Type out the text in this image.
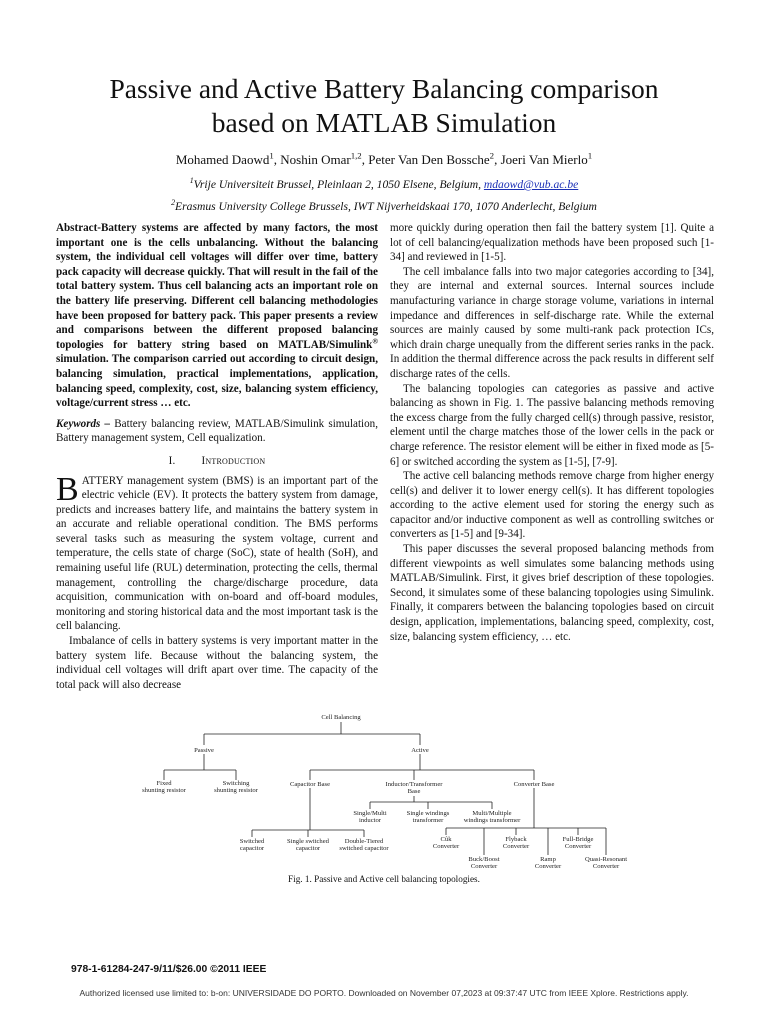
Passive and Active Battery Balancing comparison
based on MATLAB Simulation

Mohamed Daowd$^1$, Noshin Omar$^{1,2}$, Peter Van Den Bossche$^2$, Joeri Van Mierlo$^1$

$^1$Vrije Universiteit Brussel, Pleinlaan 2, 1050 Elsene, Belgium, mdaowd@vub.ac.be

$^2$Erasmus University College Brussels, IWT Nijverheidskaai 170, 1070 Anderlecht, Belgium

Abstract-Battery systems are affected by many factors, the most important one is the cells unbalancing. Without the balancing system, the individual cell voltages will differ over time, battery pack capacity will decrease quickly. That will result in the fail of the total battery system. Thus cell balancing acts an important role on the battery life preserving. Different cell balancing methodologies have been proposed for battery pack. This paper presents a review and comparisons between the different proposed balancing topologies for battery string based on MATLAB/Simulink® simulation. The comparison carried out according to circuit design, balancing simulation, practical implementations, application, balancing speed, complexity, cost, size, balancing system efficiency, voltage/current stress … etc.

Keywords – Battery balancing review, MATLAB/Simulink simulation, Battery management system, Cell equalization.

I. Introduction

BATTERY management system (BMS) is an important part of the electric vehicle (EV). It protects the battery system from damage, predicts and increases battery life, and maintains the battery system in an accurate and reliable operational condition. The BMS performs several tasks such as measuring the system voltage, current and temperature, the cells state of charge (SoC), state of health (SoH), and remaining useful life (RUL) determination, protecting the cells, thermal management, controlling the charge/discharge procedure, data acquisition, communication with on-board and off-board modules, monitoring and storing historical data and the most important task is the cell balancing.

Imbalance of cells in battery systems is very important matter in the battery system life. Because without the balancing system, the individual cell voltages will drift apart over time. The capacity of the total pack will also decrease

more quickly during operation then fail the battery system [1]. Quite a lot of cell balancing/equalization methods have been proposed such [1-34] and reviewed in [1-5].

The cell imbalance falls into two major categories according to [34], they are internal and external sources. Internal sources include manufacturing variance in charge storage volume, variations in internal impedance and differences in self-discharge rate. While the external sources are mainly caused by some multi-rank pack protection ICs, which drain charge unequally from the different series ranks in the pack. In addition the thermal difference across the pack results in different self discharge rates of the cells.

The balancing topologies can categories as passive and active balancing as shown in Fig. 1. The passive balancing methods removing the excess charge from the fully charged cell(s) through passive, resistor, element until the charge matches those of the lower cells in the pack or charge reference. The resistor element will be either in fixed mode as [5-6] or switched according the system as [1-5], [7-9].

The active cell balancing methods remove charge from higher energy cell(s) and deliver it to lower energy cell(s). It has different topologies according to the active element used for storing the energy such as capacitor and/or inductive component as well as controlling switches or converters as [1-5] and [9-34].

This paper discusses the several proposed balancing methods from different viewpoints as well simulates some balancing methods using MATLAB/Simulink. First, it gives brief description of these topologies. Second, it simulates some of these balancing topologies using Simulink. Finally, it comparers between the balancing topologies based on circuit design, application, implementations, balancing speed, complexity, cost, size, balancing system efficiency, … etc.

Cell Balancing
Passive	Active
Fixed shunting resistor
Switching shunting resistor
Capacitor Base	Inductor/Transformer Base
Converter Base
Single/Multi inductor
Single windings transformer
Multi/Multiple windings transformer
Switched capacitor
Single switched capacitor
Double-Tiered switched capacitor
Cûk Converter
Flyback Converter
Full-Bridge Converter
Buck/Boost Converter
Ramp Converter
Quasi-Resonant Converter

Fig. 1. Passive and Active cell balancing topologies.

978-1-61284-247-9/11/$26.00 ©2011 IEEE

Authorized licensed use limited to: b-on: UNIVERSIDADE DO PORTO. Downloaded on November 07,2023 at 09:37:47 UTC from IEEE Xplore. Restrictions apply.
